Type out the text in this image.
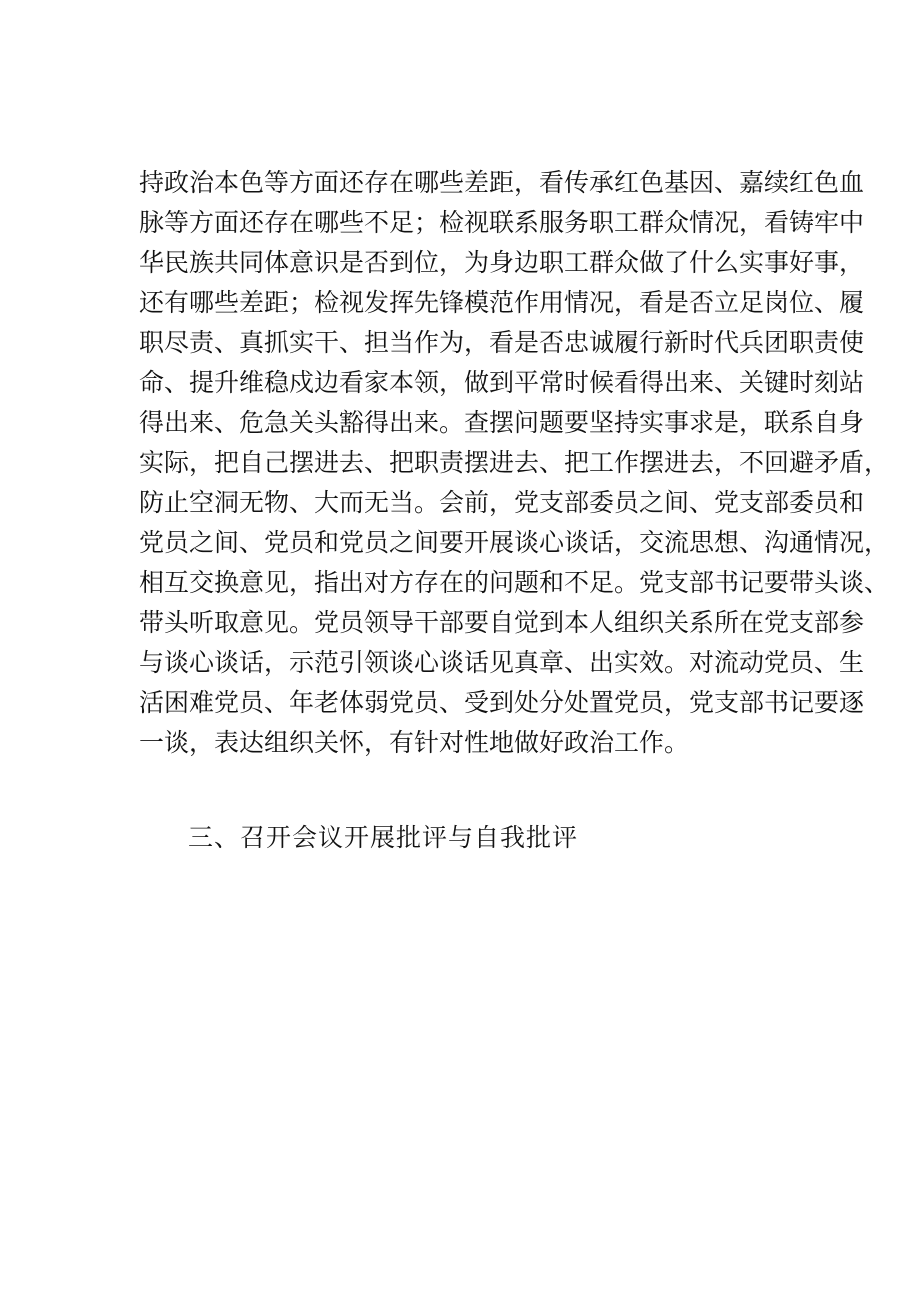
持政治本色等方面还存在哪些差距，看传承红色基因、嘉续红色血
脉等方面还存在哪些不足；检视联系服务职工群众情况，看铸牢中
华民族共同体意识是否到位，为身边职工群众做了什么实事好事，
还有哪些差距；检视发挥先锋模范作用情况，看是否立足岗位、履
职尽责、真抓实干、担当作为，看是否忠诚履行新时代兵团职责使
命、提升维稳戍边看家本领，做到平常时候看得出来、关键时刻站
得出来、危急关头豁得出来。查摆问题要坚持实事求是，联系自身
实际，把自己摆进去、把职责摆进去、把工作摆进去，不回避矛盾，
防止空洞无物、大而无当。会前，党支部委员之间、党支部委员和
党员之间、党员和党员之间要开展谈心谈话，交流思想、沟通情况，
相互交换意见，指出对方存在的问题和不足。党支部书记要带头谈、
带头听取意见。党员领导干部要自觉到本人组织关系所在党支部参
与谈心谈话，示范引领谈心谈话见真章、出实效。对流动党员、生
活困难党员、年老体弱党员、受到处分处置党员，党支部书记要逐
一谈，表达组织关怀，有针对性地做好政治工作。
三、召开会议开展批评与自我批评
